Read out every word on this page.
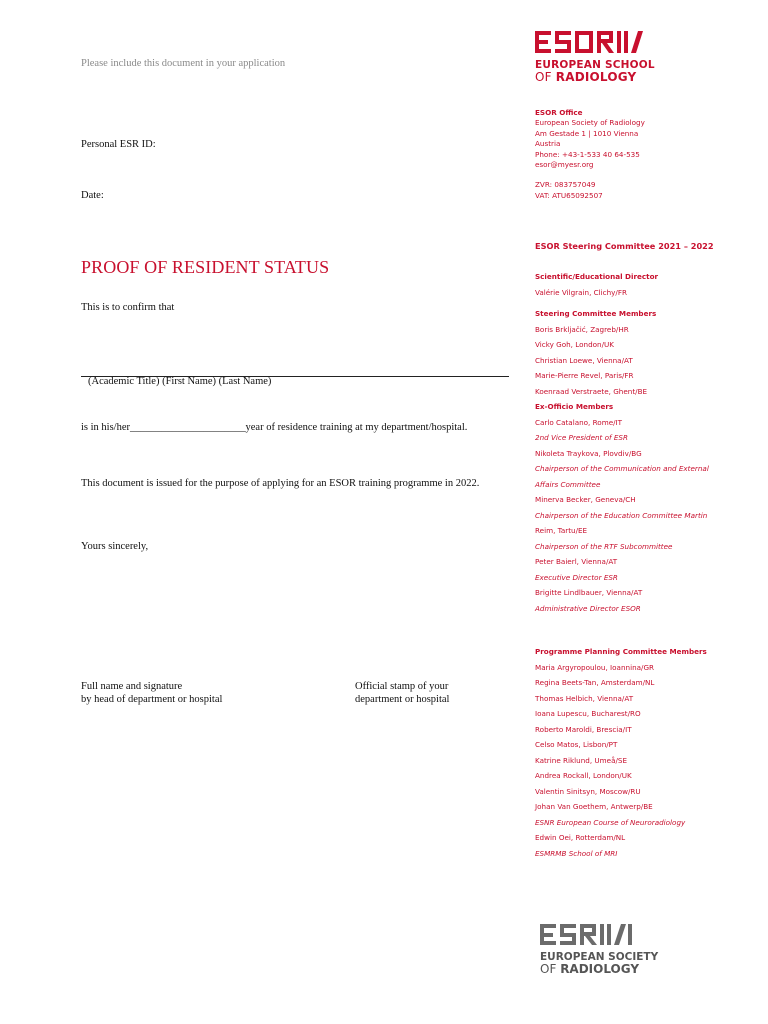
Please include this document in your application
Personal ESR ID:
Date:
PROOF OF RESIDENT STATUS
This is to confirm that
(Academic Title) (First Name) (Last Name)
is in his/her______________________year of residence training at my department/hospital.
This document is issued for the purpose of applying for an ESOR training programme in 2022.
Yours sincerely,
Full name and signature
by head of department or hospital
Official stamp of your
department or hospital
EUROPEAN SCHOOL
OF RADIOLOGY
ESOR Office
European Society of Radiology
Am Gestade 1 | 1010 Vienna
Austria
Phone: +43-1-533 40 64-535
esor@myesr.org
ZVR: 083757049
VAT: ATU65092507
ESOR Steering Committee 2021 – 2022
Scientific/Educational Director
Valérie Vilgrain, Clichy/FR
Steering Committee Members
Boris Brkljačić, Zagreb/HR
Vicky Goh, London/UK
Christian Loewe, Vienna/AT
Marie-Pierre Revel, Paris/FR
Koenraad Verstraete, Ghent/BE
Ex-Officio Members
Carlo Catalano, Rome/IT
2nd Vice President of ESR
Nikoleta Traykova, Plovdiv/BG
Chairperson of the Communication and External
Affairs Committee
Minerva Becker, Geneva/CH
Chairperson of the Education Committee Martin
Reim, Tartu/EE
Chairperson of the RTF Subcommittee
Peter Baierl, Vienna/AT
Executive Director ESR
Brigitte Lindlbauer, Vienna/AT
Administrative Director ESOR
Programme Planning Committee Members
Maria Argyropoulou, Ioannina/GR
Regina Beets-Tan, Amsterdam/NL
Thomas Helbich, Vienna/AT
Ioana Lupescu, Bucharest/RO
Roberto Maroldi, Brescia/IT
Celso Matos, Lisbon/PT
Katrine Riklund, Umeå/SE
Andrea Rockall, London/UK
Valentin Sinitsyn, Moscow/RU
Johan Van Goethem, Antwerp/BE
ESNR European Course of Neuroradiology
Edwin Oei, Rotterdam/NL
ESMRMB School of MRI
EUROPEAN SOCIETY
OF RADIOLOGY
